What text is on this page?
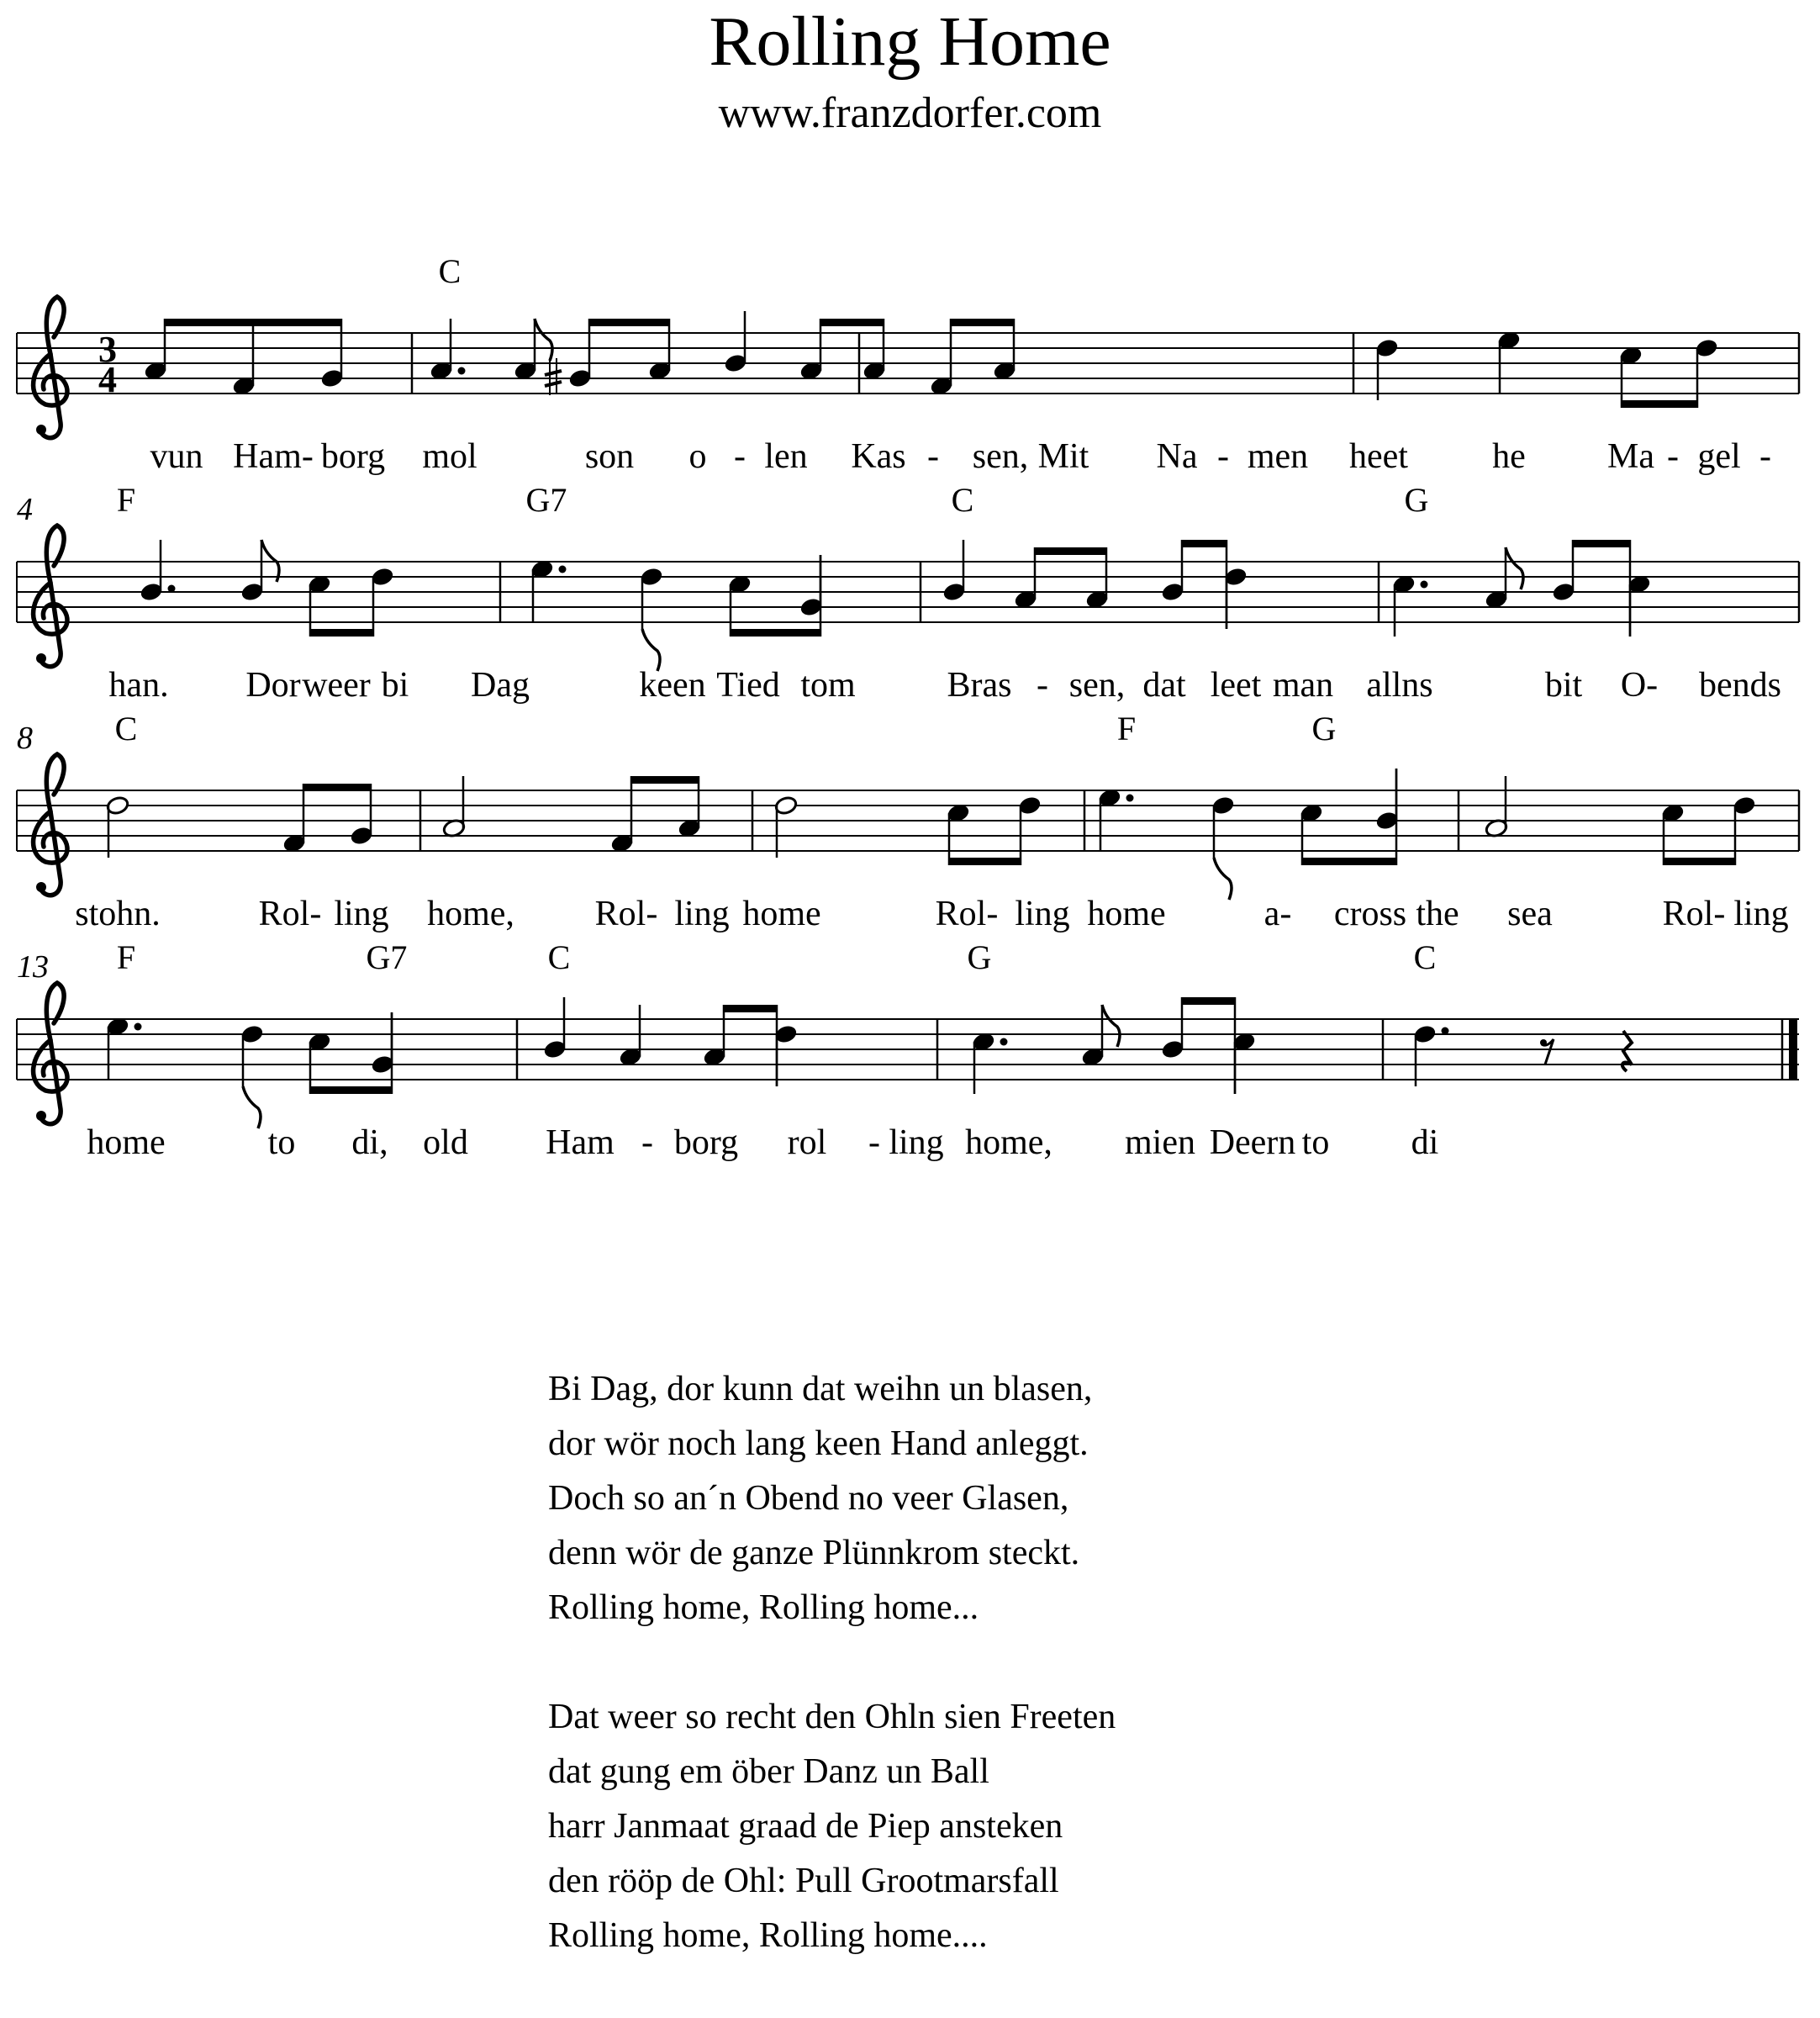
Rolling Home
www.franzdorfer.com
3
4
C
vun Ham- borg mol	son o - len Kas - sen, Mit Na - men heet he Ma - gel -
4 F	G7	C	G
han. Dor weer bi Dag	keen Tied tom	Bras - sen, dat leet man allns	bit O- bends
8 C	F	G
stohn.	Rol- ling home, Rol- ling home	Rol- ling home	a- cross the sea	Rol- ling
13 F	G7	C	G	C
home	to di, old Ham - borg rol - ling home, mien Deern to di
Bi Dag, dor kunn dat weihn un blasen,
dor wör noch lang keen Hand anleggt.
Doch so an´n Obend no veer Glasen,
denn wör de ganze Plünnkrom steckt.
Rolling home, Rolling home...
Dat weer so recht den Ohln sien Freeten
dat gung em öber Danz un Ball
harr Janmaat graad de Piep ansteken
den rööp de Ohl: Pull Grootmarsfall
Rolling home, Rolling home....
